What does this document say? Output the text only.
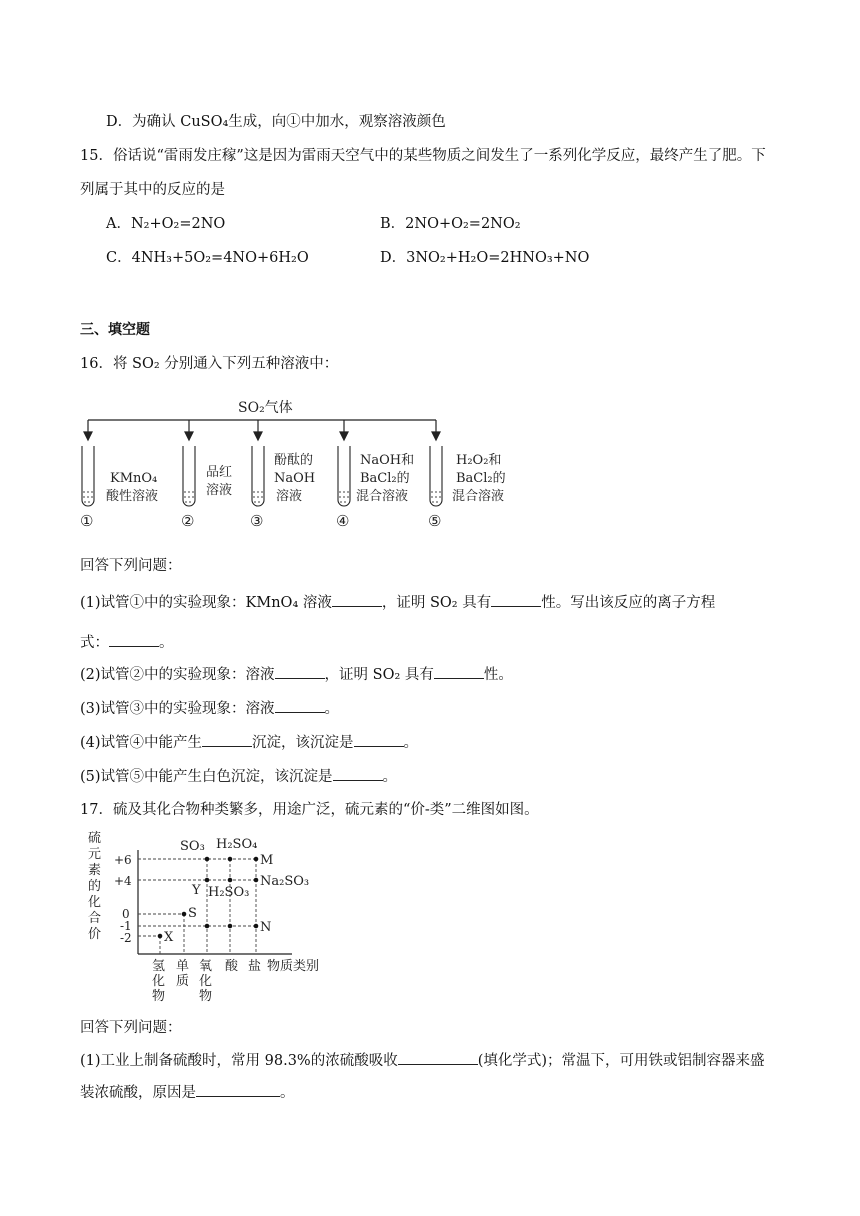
D．为确认 CuSO₄生成，向①中加水，观察溶液颜色
15．俗话说“雷雨发庄稼”这是因为雷雨天空气中的某些物质之间发生了一系列化学反应，最终产生了肥。下
列属于其中的反应的是
A．N₂+O₂=2NO	B．2NO+O₂=2NO₂
C．4NH₃+5O₂=4NO+6H₂O	D．3NO₂+H₂O=2HNO₃+NO
三、填空题
16．将 SO₂ 分别通入下列五种溶液中：
SO₂气体
KMnO₄
酸性溶液
品红
溶液
酚酞的
NaOH
溶液
NaOH和
BaCl₂的
混合溶液
H₂O₂和
BaCl₂的
混合溶液
①	②	③	④	⑤
回答下列问题：
(1)试管①中的实验现象：KMnO₄ 溶液	，证明 SO₂ 具有	性。写出该反应的离子方程
式：	。
(2)试管②中的实验现象：溶液	，证明 SO₂ 具有	性。
(3)试管③中的实验现象：溶液	。
(4)试管④中能产生	沉淀，该沉淀是	。
(5)试管⑤中能产生白色沉淀，该沉淀是	。
17．硫及其化合物种类繁多，用途广泛，硫元素的“价-类”二维图如图。
硫
元
素
的
化
合
价
+6
+4
0
-1
-2
SO₃ H₂SO₄
M
Y H₂SO₃
Na₂SO₃
S
N
X
氢
化
物
单
质
氧
化
物
酸 盐 物质类别
回答下列问题：
(1)工业上制备硫酸时，常用 98.3%的浓硫酸吸收	(填化学式)；常温下，可用铁或铝制容器来盛
装浓硫酸，原因是	。
